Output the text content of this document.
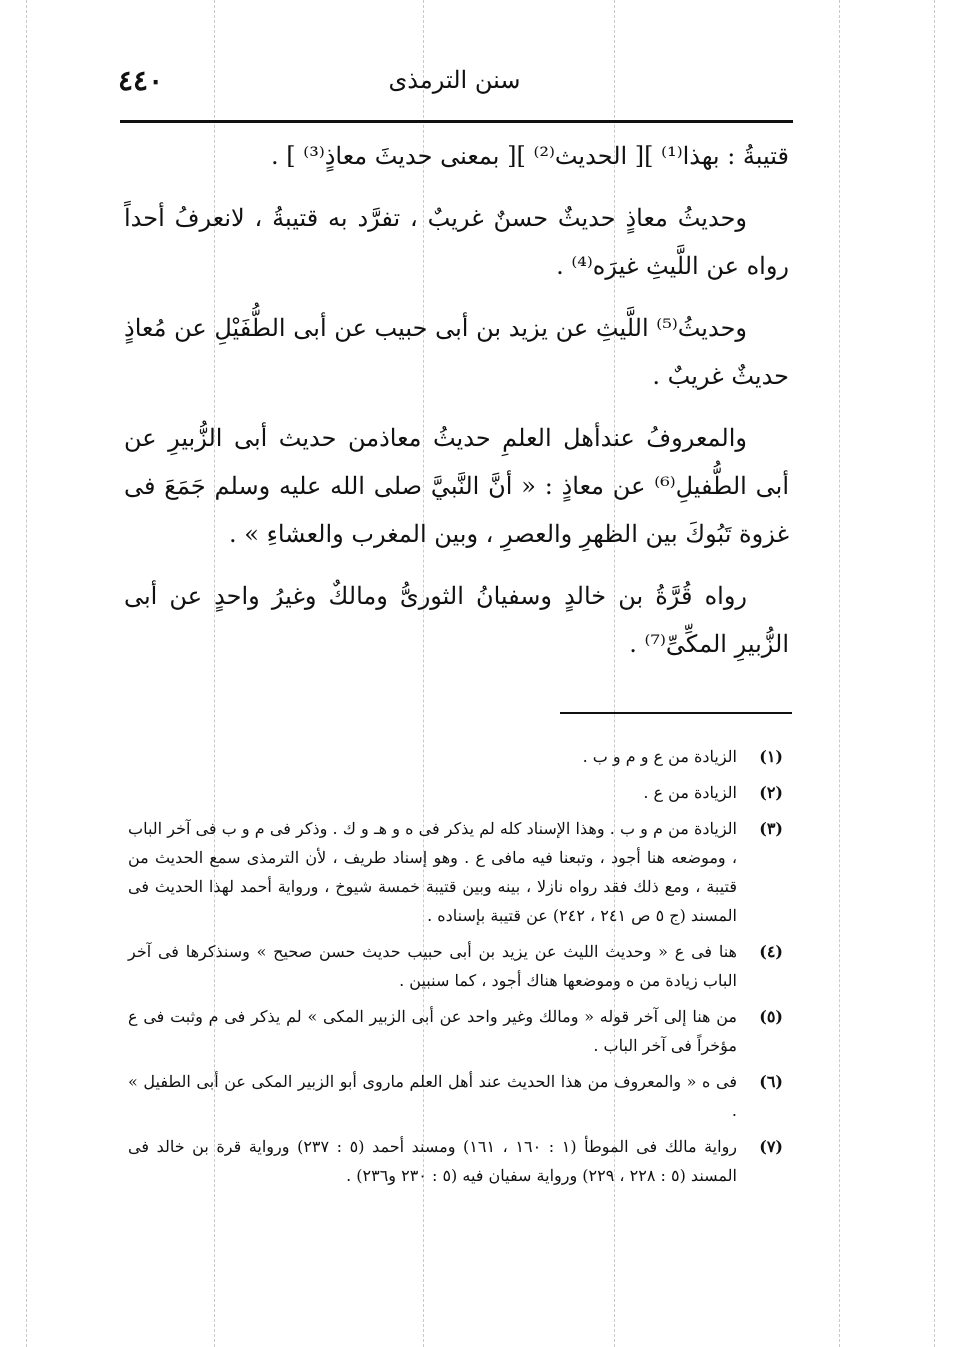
سنن الترمذى
٤٤٠

قتيبةُ : بهذا⁽¹⁾ ][ الحديث⁽²⁾ ][ بمعنى حديثَ معاذٍ⁽³⁾ ] .

وحديثُ معاذٍ حديثٌ حسنٌ غريبٌ ، تفرَّد به قتيبةُ ، لانعرفُ أحداً رواه عن اللَّيثِ غيرَه⁽⁴⁾ .

وحديثُ⁽⁵⁾ اللَّيثِ عن يزيد بن أبى حبيب عن أبى الطُّفَيْلِ عن مُعاذٍ حديثٌ غريبٌ .

والمعروفُ عندأهل العلمِ حديثُ معاذمن حديث أبى الزُّبيرِ عن أبى الطُّفيلِ⁽⁶⁾ عن معاذٍ : « أنَّ النَّبيَّ صلى الله عليه وسلم جَمَعَ فى غزوة تَبُوكَ بين الظهرِ والعصرِ ، وبين المغرب والعشاءِ » .

رواه قُرَّةُ بن خالدٍ وسفيانُ الثورىُّ ومالكٌ وغيرُ واحدٍ عن أبى الزُّبيرِ المكِّىِّ⁽⁷⁾ .

(١)
الزيادة من ع و م و ب .
(٢)
الزيادة من ع .
(٣)
الزيادة من م و ب . وهذا الإسناد كله لم يذكر فى ه و هـ و ك . وذكر فى م و ب فى آخر الباب ، وموضعه هنا أجود ، وتبعنا فيه مافى ع . وهو إسناد طريف ، لأن الترمذى سمع الحديث من قتيبة ، ومع ذلك فقد رواه نازلا ، بينه وبين قتيبة خمسة شيوخ ، ورواية أحمد لهذا الحديث فى المسند (ج ٥ ص ٢٤١ ، ٢٤٢) عن قتيبة بإسناده .
(٤)
هنا فى ع « وحديث الليث عن يزيد بن أبى حبيب حديث حسن صحيح » وسنذكرها فى آخر الباب زيادة من ه وموضعها هناك أجود ، كما سنبين .
(٥)
من هنا إلى آخر قوله « ومالك وغير واحد عن أبى الزبير المكى » لم يذكر فى م وثبت فى ع مؤخراً فى آخر الباب .
(٦)
فى ه « والمعروف من هذا الحديث عند أهل العلم ماروى أبو الزبير المكى عن أبى الطفيل » .
(٧)
رواية مالك فى الموطأ (١ : ١٦٠ ، ١٦١) ومسند أحمد (٥ : ٢٣٧) ورواية قرة بن خالد فى المسند (٥ : ٢٢٨ ، ٢٢٩) ورواية سفيان فيه (٥ : ٢٣٠ و٢٣٦) .
